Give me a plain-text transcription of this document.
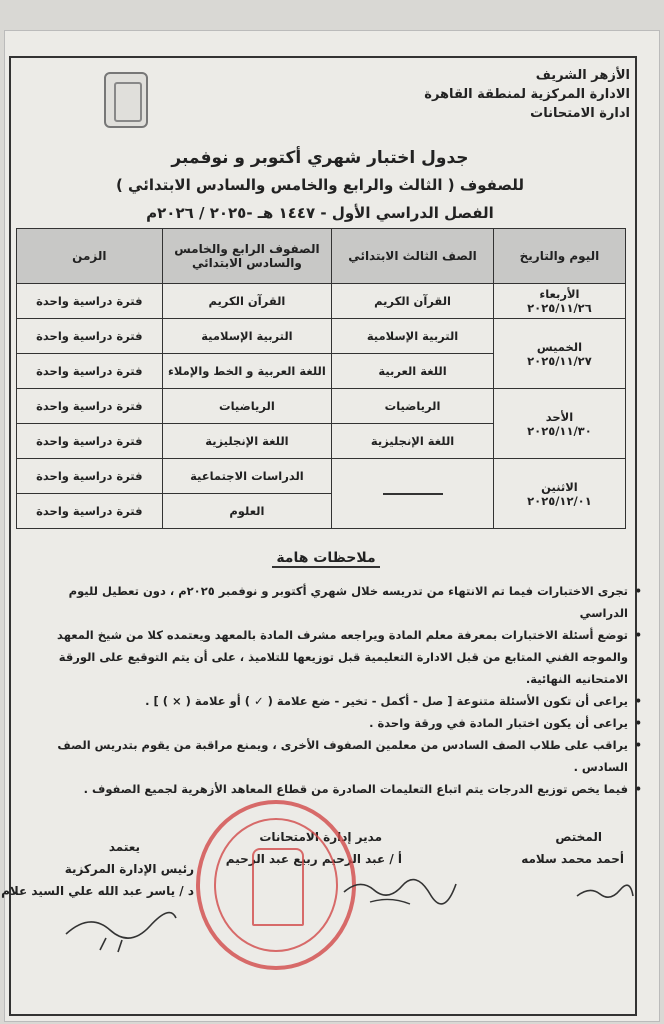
الأزهر الشريف
الادارة المركزية لمنطقة القاهرة
ادارة الامتحانات
جدول اختبار شهري أكتوبر و نوفمبر
للصفوف ( الثالث والرابع والخامس والسادس الابتدائي )
الفصل الدراسي الأول - ١٤٤٧ هـ -٢٠٢٥ / ٢٠٢٦م
اليوم والتاريخ	الصف الثالث الابتدائي	الصفوف الرابع والخامس والسادس الابتدائي	الزمن

الأربعاء
٢٠٢٥/١١/٢٦	القرآن الكريم	القرآن الكريم	فترة دراسية واحدة

الخميس
٢٠٢٥/١١/٢٧	التربية الإسلامية	التربية الإسلامية	فترة دراسية واحدة
	اللغة العربية	اللغة العربية و الخط والإملاء	فترة دراسية واحدة

الأحد
٢٠٢٥/١١/٣٠	الرياضيات	الرياضيات	فترة دراسية واحدة
	اللغة الإنجليزية	اللغة الإنجليزية	فترة دراسية واحدة

الاثنين
٢٠٢٥/١٢/٠١		الدراسات الاجتماعية	فترة دراسية واحدة
		العلوم	فترة دراسية واحدة
ملاحظات هامة
• تجرى الاختبارات فيما تم الانتهاء من تدريسه خلال شهري أكتوبر و نوفمبر ٢٠٢٥م ، دون تعطيل لليوم الدراسي
• توضع أسئلة الاختبارات بمعرفة معلم المادة ويراجعه مشرف المادة بالمعهد ويعتمده كلا من شيخ المعهد والموجه الفني المتابع من قبل الادارة التعليمية قبل توزيعها للتلاميذ ، على أن يتم التوقيع على الورقة الامتحانيه النهائية.
• يراعى أن تكون الأسئلة متنوعة [ صل - أكمل - تخير - ضع علامة ( ✓ ) أو علامة ( × ) ] .
• يراعى أن يكون اختبار المادة في ورقة واحدة .
• يراقب على طلاب الصف السادس من معلمين الصفوف الأخرى ، ويمنع مراقبة من يقوم بتدريس الصف السادس .
• فيما يخص توزيع الدرجات يتم اتباع التعليمات الصادرة من قطاع المعاهد الأزهرية لجميع الصفوف .
المختص
أحمد محمد سلامه
مدير إدارة الامتحانات
أ / عبد الرحيم ربيع عبد الرحيم
يعتمد
رئيس الإدارة المركزية
د / ياسر عبد الله علي السيد علام
